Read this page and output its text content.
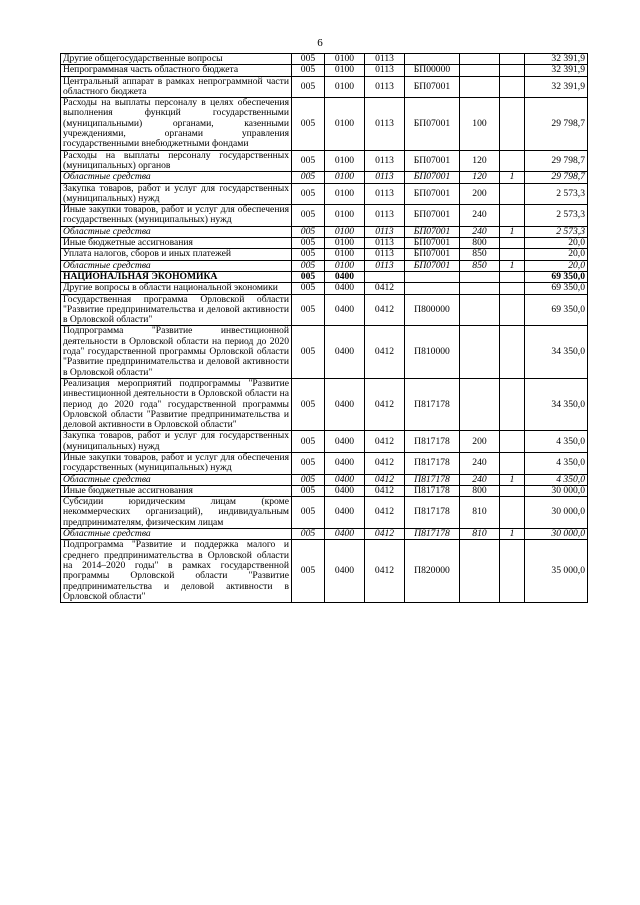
6
Другие общегосударственные вопросы	005	0100	0113				32 391,9
Непрограммная часть областного бюджета	005	0100	0113	БП00000			32 391,9
Центральный аппарат в рамках непрограммной части областного бюджета	005	0100	0113	БП07001			32 391,9
Расходы на выплаты персоналу в целях обеспечения выполнения функций государственными (муниципальными) органами, казенными учреждениями, органами управления государственными внебюджетными фондами	005	0100	0113	БП07001	100		29 798,7
Расходы на выплаты персоналу государственных (муниципальных) органов	005	0100	0113	БП07001	120		29 798,7
Областные средства	005	0100	0113	БП07001	120	1	29 798,7
Закупка товаров, работ и услуг для государственных (муниципальных) нужд	005	0100	0113	БП07001	200		2 573,3
Иные закупки товаров, работ и услуг для обеспечения государственных (муниципальных) нужд	005	0100	0113	БП07001	240		2 573,3
Областные средства	005	0100	0113	БП07001	240	1	2 573,3
Иные бюджетные ассигнования	005	0100	0113	БП07001	800		20,0
Уплата налогов, сборов и иных платежей	005	0100	0113	БП07001	850		20,0
Областные средства	005	0100	0113	БП07001	850	1	20,0
НАЦИОНАЛЬНАЯ ЭКОНОМИКА	005	0400					69 350,0
Другие вопросы в области национальной экономики	005	0400	0412				69 350,0
Государственная программа Орловской области "Развитие предпринимательства и деловой активности в Орловской области"	005	0400	0412	П800000			69 350,0
Подпрограмма "Развитие инвестиционной деятельности в Орловской области на период до 2020 года" государственной программы Орловской области "Развитие предпринимательства и деловой активности в Орловской области"	005	0400	0412	П810000			34 350,0
Реализация мероприятий подпрограммы "Развитие инвестиционной деятельности в Орловской области на период до 2020 года" государственной программы Орловской области "Развитие предпринимательства и деловой активности в Орловской области"	005	0400	0412	П817178			34 350,0
Закупка товаров, работ и услуг для государственных (муниципальных) нужд	005	0400	0412	П817178	200		4 350,0
Иные закупки товаров, работ и услуг для обеспечения государственных (муниципальных) нужд	005	0400	0412	П817178	240		4 350,0
Областные средства	005	0400	0412	П817178	240	1	4 350,0
Иные бюджетные ассигнования	005	0400	0412	П817178	800		30 000,0
Субсидии юридическим лицам (кроме некоммерческих организаций), индивидуальным предпринимателям, физическим лицам	005	0400	0412	П817178	810		30 000,0
Областные средства	005	0400	0412	П817178	810	1	30 000,0
Подпрограмма "Развитие и поддержка малого и среднего предпринимательства в Орловской области на 2014–2020 годы" в рамках государственной программы Орловской области "Развитие предпринимательства и деловой активности в Орловской области"	005	0400	0412	П820000			35 000,0
